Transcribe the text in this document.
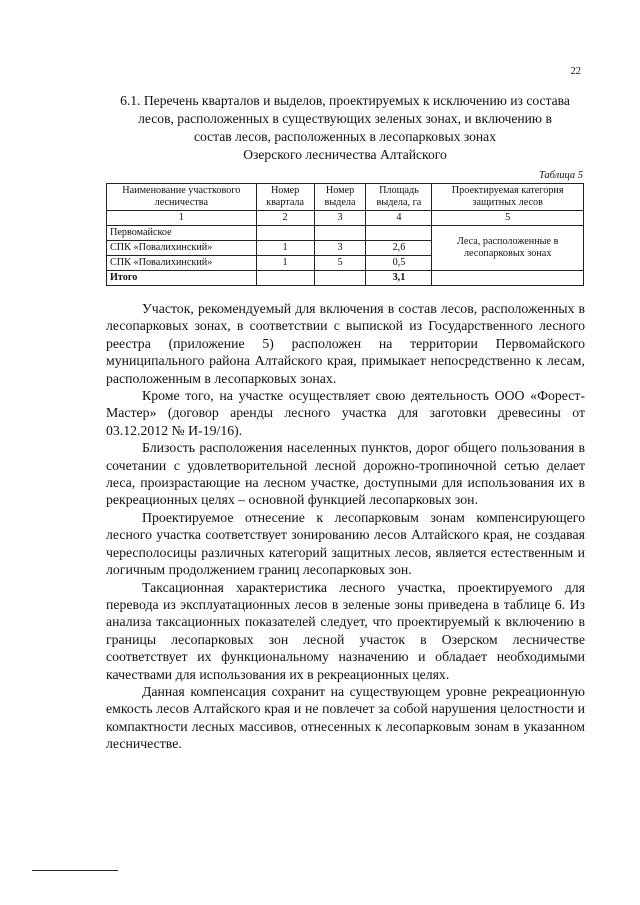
22
6.1. Перечень кварталов и выделов, проектируемых к исключению из состава
лесов, расположенных в существующих зеленых зонах, и включению в
состав лесов, расположенных в лесопарковых зонах
Озерского лесничества Алтайского
Таблица 5
Наименование участкового лесничества	Номер квартала	Номер выдела	Площадь выдела, га	Проектируемая категория защитных лесов
1	2	3	4	5
Первомайское				Леса, расположенные в лесопарковых зонах
СПК «Повалихинский»	1	3	2,6	
СПК «Повалихинский»	1	5	0,5	
Итого			3,1	

Участок, рекомендуемый для включения в состав лесов, расположенных в лесопарковых зонах, в соответствии с выпиской из Государственного лесного реестра (приложение 5) расположен на территории Первомайского муниципального района Алтайского края, примыкает непосредственно к лесам, расположенным в лесопарковых зонах.

Кроме того, на участке осуществляет свою деятельность ООО «Форест-Мастер» (договор аренды лесного участка для заготовки древесины от 03.12.2012 № И-19/16).

Близость расположения населенных пунктов, дорог общего пользования в сочетании с удовлетворительной лесной дорожно-тропиночной сетью делает леса, произрастающие на лесном участке, доступными для использования их в рекреационных целях – основной функцией лесопарковых зон.

Проектируемое отнесение к лесопарковым зонам компенсирующего лесного участка соответствует зонированию лесов Алтайского края, не создавая чересполосицы различных категорий защитных лесов, является естественным и логичным продолжением границ лесопарковых зон.

Таксационная характеристика лесного участка, проектируемого для перевода из эксплуатационных лесов в зеленые зоны приведена в таблице 6. Из анализа таксационных показателей следует, что проектируемый к включению в границы лесопарковых зон лесной участок в Озерском лесничестве соответствует их функциональному назначению и обладает необходимыми качествами для использования их в рекреационных целях.

Данная компенсация сохранит на существующем уровне рекреационную емкость лесов Алтайского края и не повлечет за собой нарушения целостности и компактности лесных массивов, отнесенных к лесопарковым зонам в указанном лесничестве.
